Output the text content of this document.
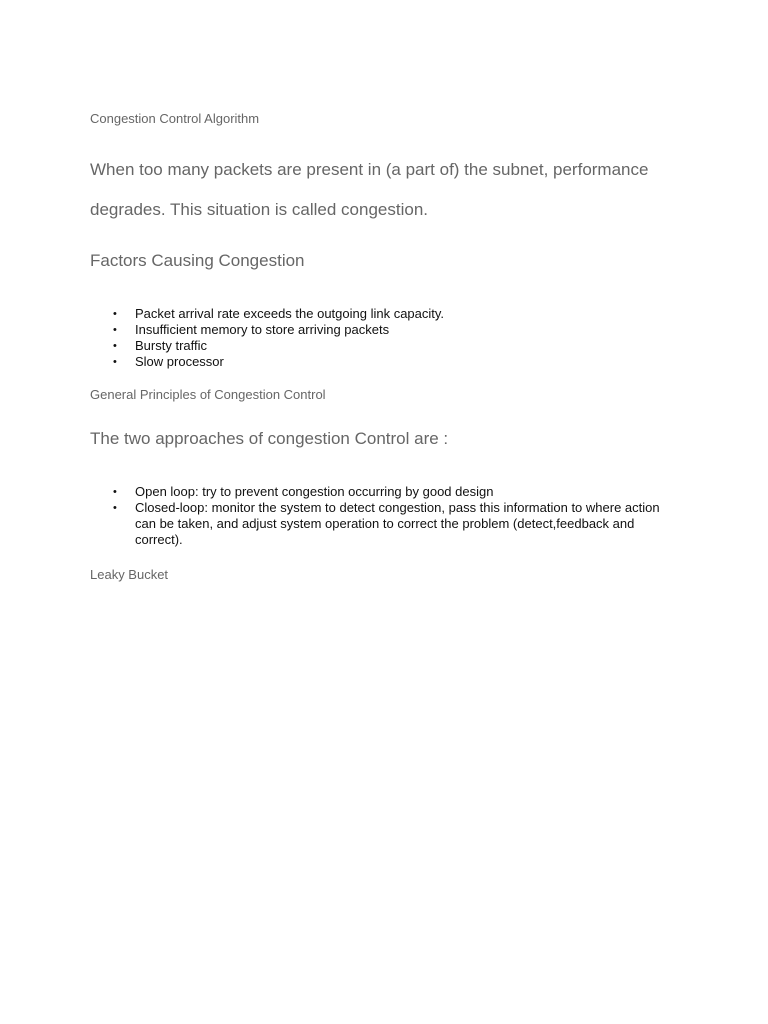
Congestion Control Algorithm

When too many packets are present in (a part of) the subnet, performance degrades. This situation is called congestion.

Factors Causing Congestion

• Packet arrival rate exceeds the outgoing link capacity.
• Insufficient memory to store arriving packets
• Bursty traffic
• Slow processor

General Principles of Congestion Control

The two approaches of congestion Control are :

• Open loop: try to prevent congestion occurring by good design
• Closed-loop: monitor the system to detect congestion, pass this information to where action can be taken, and adjust system operation to correct the problem (detect,feedback and correct).

Leaky Bucket
